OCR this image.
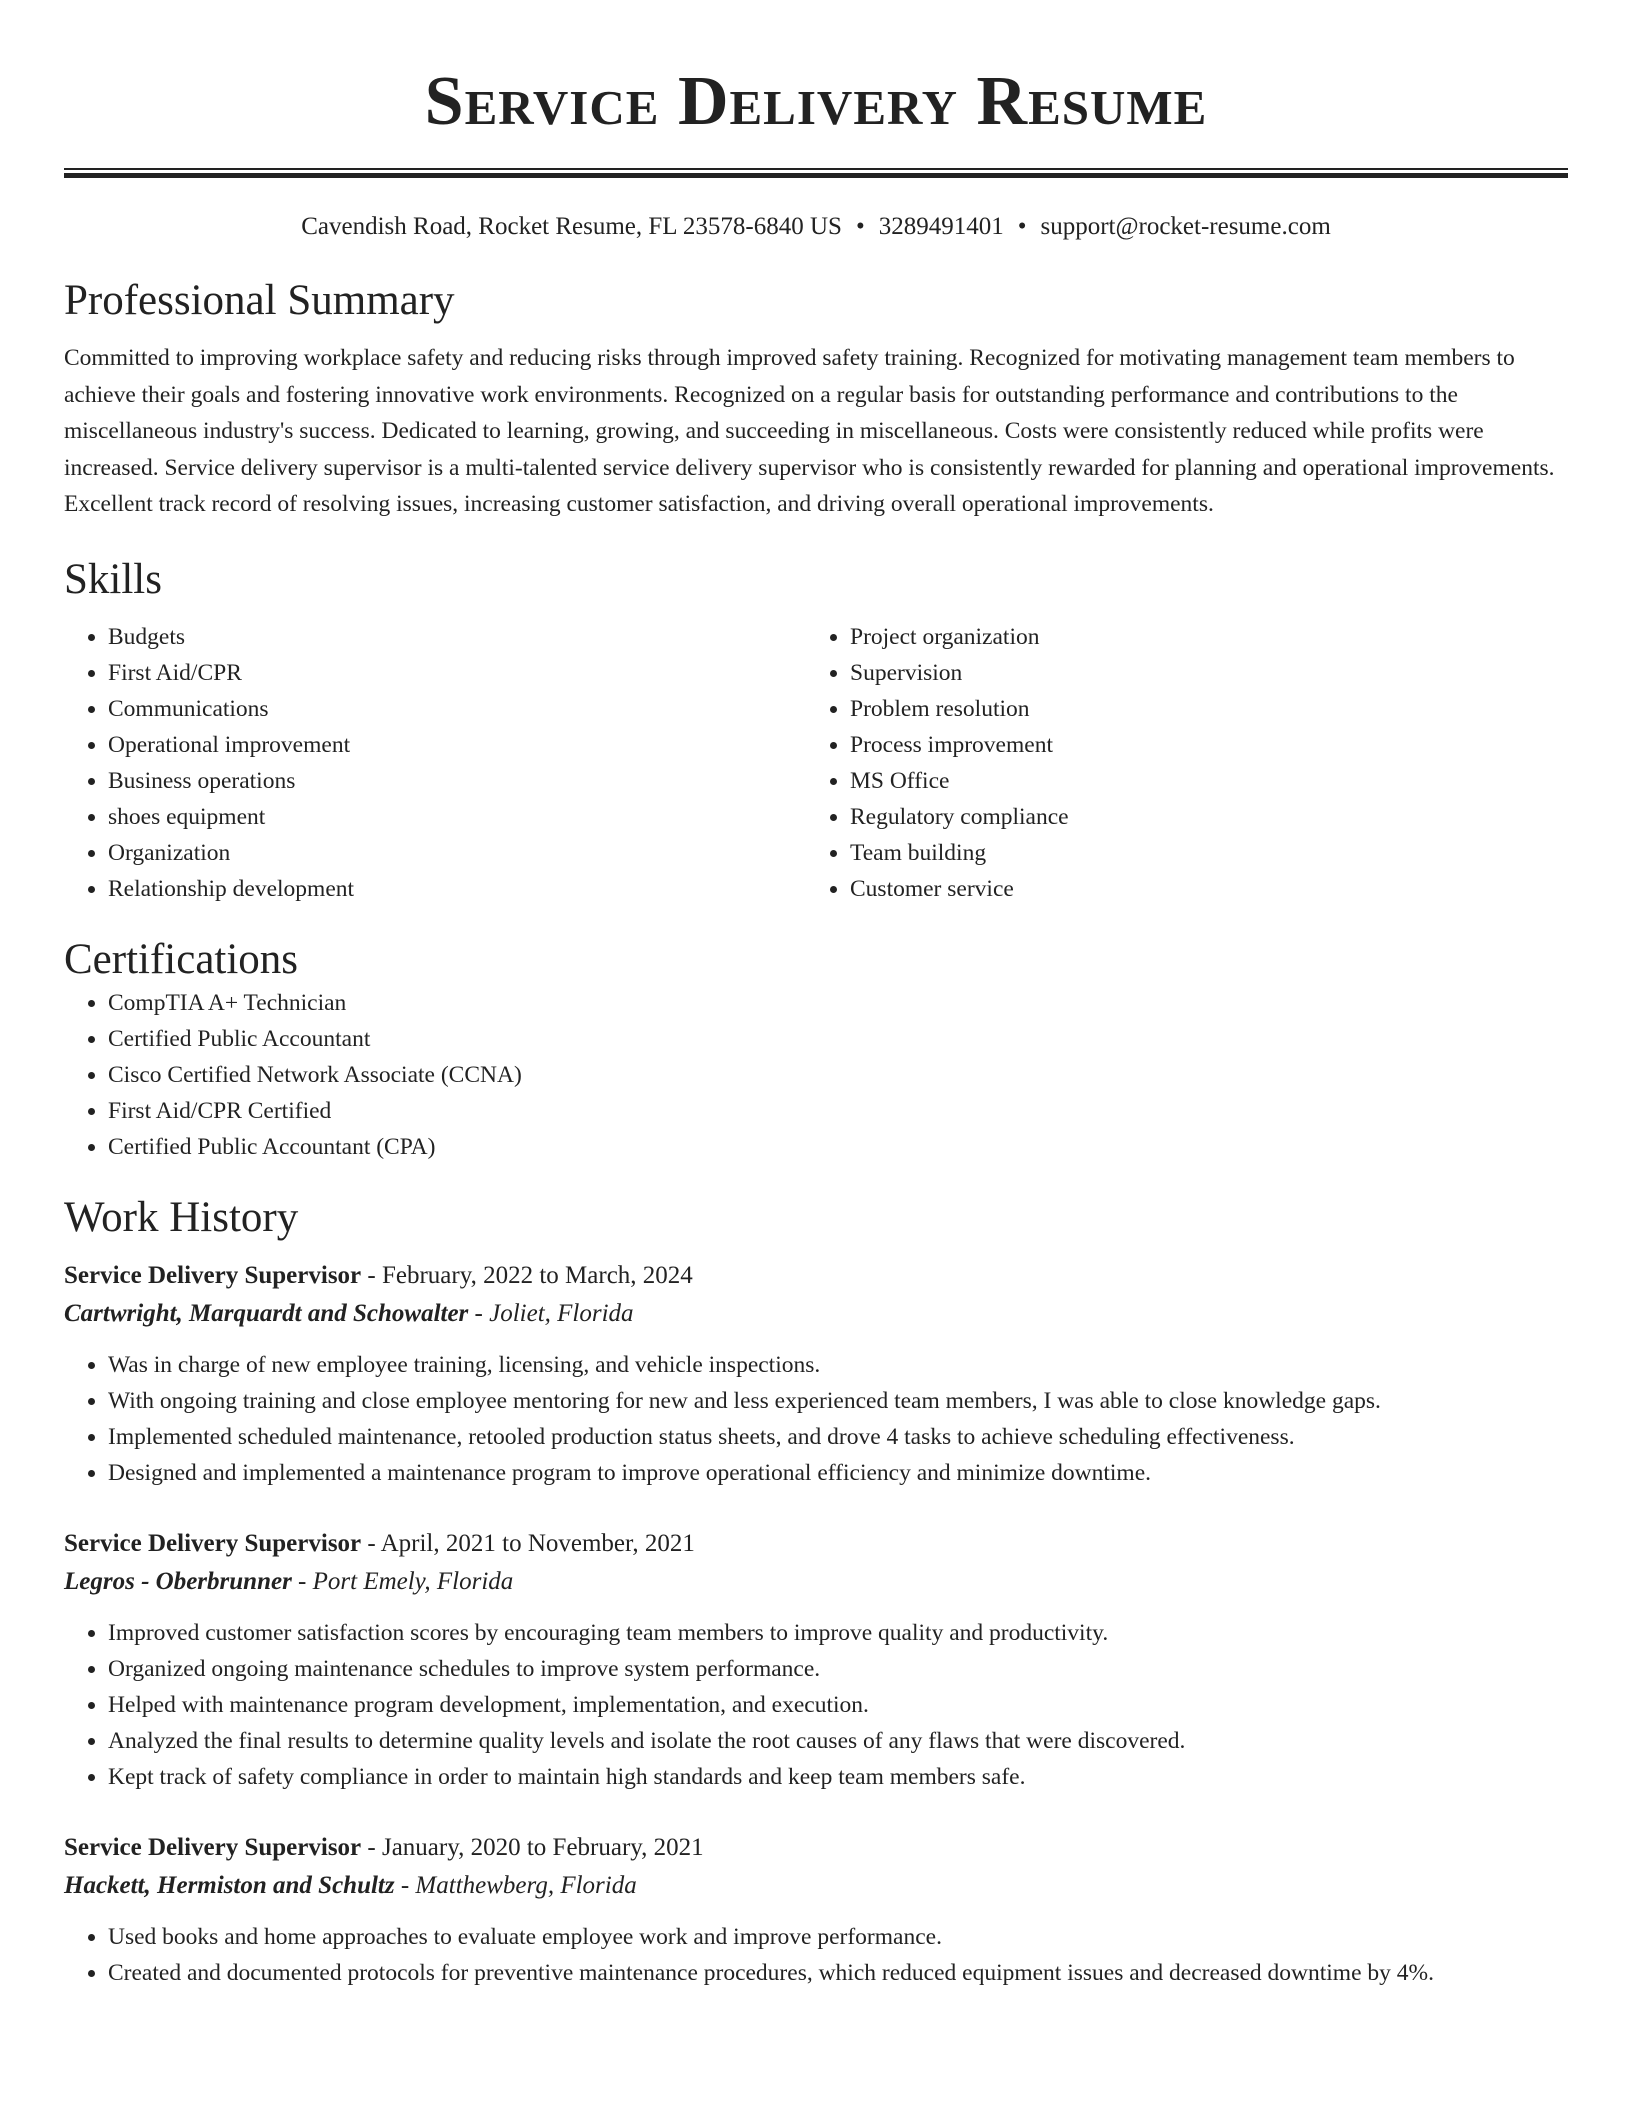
Service Delivery Resume
Cavendish Road, Rocket Resume, FL 23578-6840 US • 3289491401 • support@rocket-resume.com
Professional Summary

Committed to improving workplace safety and reducing risks through improved safety training. Recognized for motivating management team members to achieve their goals and fostering innovative work environments. Recognized on a regular basis for outstanding performance and contributions to the miscellaneous industry's success. Dedicated to learning, growing, and succeeding in miscellaneous. Costs were consistently reduced while profits were increased. Service delivery supervisor is a multi-talented service delivery supervisor who is consistently rewarded for planning and operational improvements. Excellent track record of resolving issues, increasing customer satisfaction, and driving overall operational improvements.

Skills
• Budgets
• First Aid/CPR
• Communications
• Operational improvement
• Business operations
• shoes equipment
• Organization
• Relationship development
• Project organization
• Supervision
• Problem resolution
• Process improvement
• MS Office
• Regulatory compliance
• Team building
• Customer service
Certifications
• CompTIA A+ Technician
• Certified Public Accountant
• Cisco Certified Network Associate (CCNA)
• First Aid/CPR Certified
• Certified Public Accountant (CPA)
Work History
Service Delivery Supervisor - February, 2022 to March, 2024
Cartwright, Marquardt and Schowalter - Joliet, Florida
• Was in charge of new employee training, licensing, and vehicle inspections.
• With ongoing training and close employee mentoring for new and less experienced team members, I was able to close knowledge gaps.
• Implemented scheduled maintenance, retooled production status sheets, and drove 4 tasks to achieve scheduling effectiveness.
• Designed and implemented a maintenance program to improve operational efficiency and minimize downtime.
Service Delivery Supervisor - April, 2021 to November, 2021
Legros - Oberbrunner - Port Emely, Florida
• Improved customer satisfaction scores by encouraging team members to improve quality and productivity.
• Organized ongoing maintenance schedules to improve system performance.
• Helped with maintenance program development, implementation, and execution.
• Analyzed the final results to determine quality levels and isolate the root causes of any flaws that were discovered.
• Kept track of safety compliance in order to maintain high standards and keep team members safe.
Service Delivery Supervisor - January, 2020 to February, 2021
Hackett, Hermiston and Schultz - Matthewberg, Florida
• Used books and home approaches to evaluate employee work and improve performance.
• Created and documented protocols for preventive maintenance procedures, which reduced equipment issues and decreased downtime by 4%.
